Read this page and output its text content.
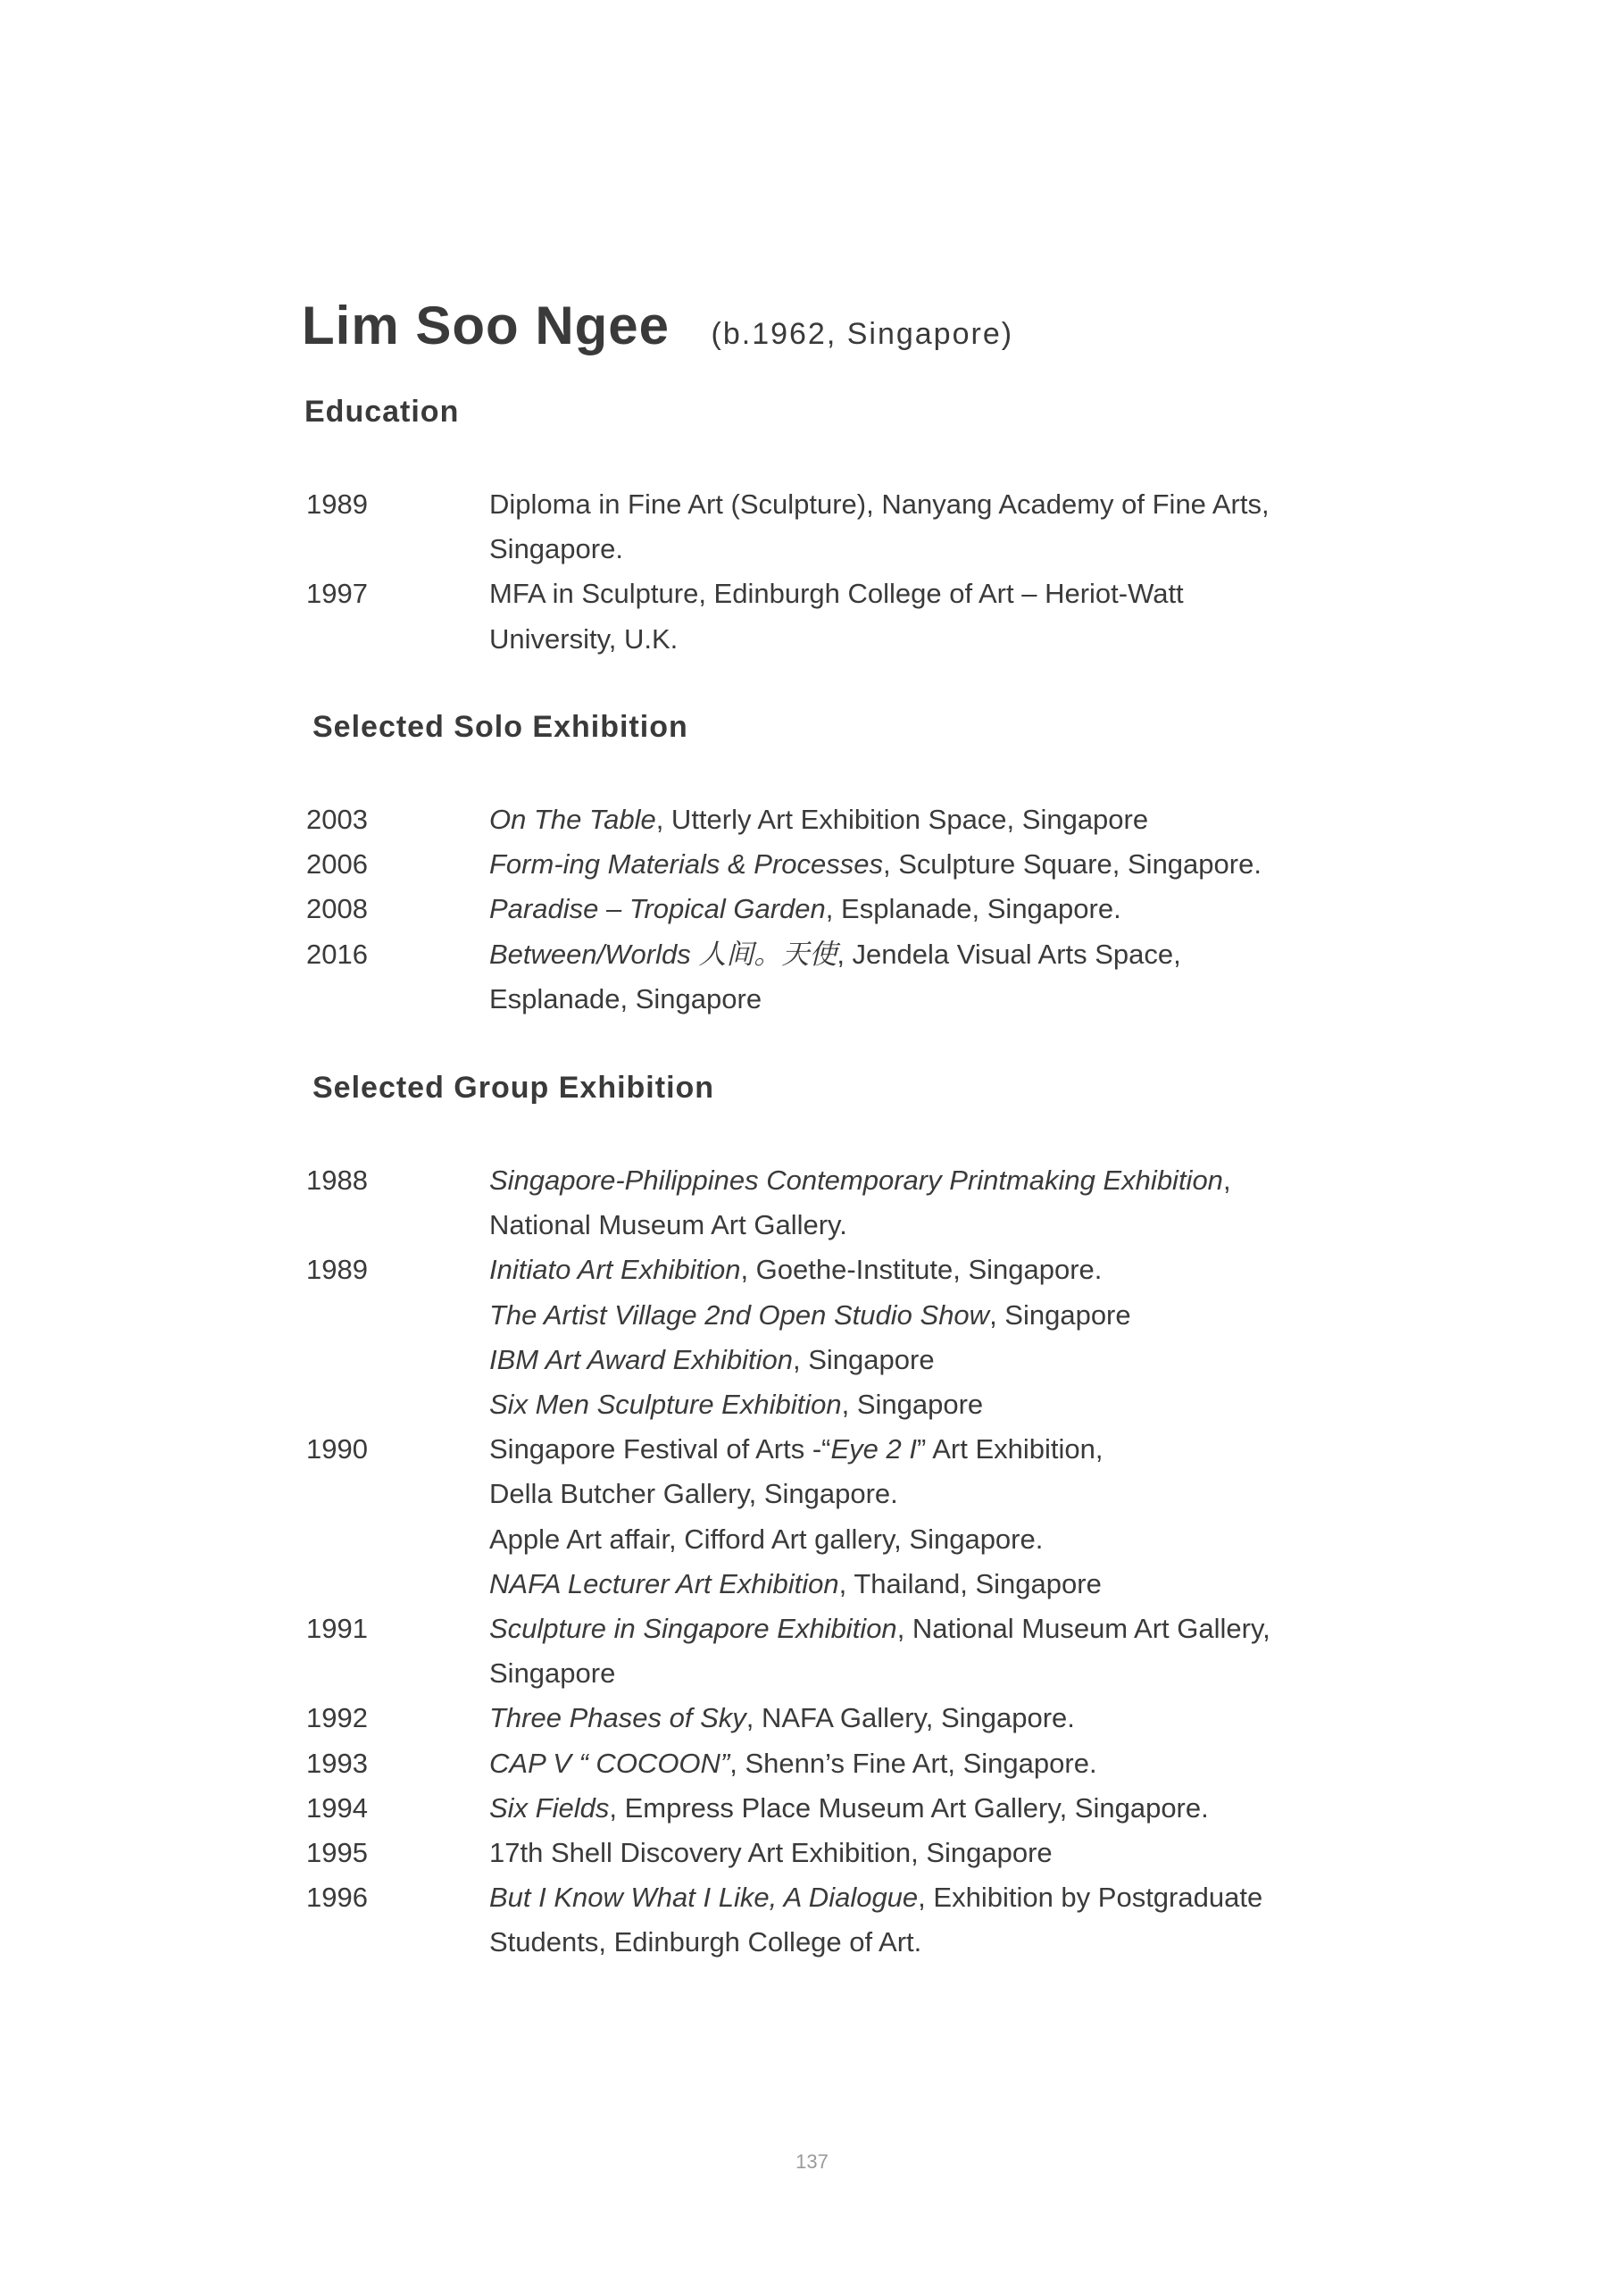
Lim Soo Ngee (b.1962, Singapore)
Education
1989	Diploma in Fine Art (Sculpture), Nanyang Academy of Fine Arts,
Singapore.
1997	MFA in Sculpture, Edinburgh College of Art – Heriot-Watt
University, U.K.
Selected Solo Exhibition
2003	On The Table, Utterly Art Exhibition Space, Singapore
2006	Form-ing Materials & Processes, Sculpture Square, Singapore.
2008	Paradise – Tropical Garden, Esplanade, Singapore.
2016	Between/Worlds 人间。天使, Jendela Visual Arts Space,
Esplanade, Singapore
Selected Group Exhibition
1988	Singapore-Philippines Contemporary Printmaking Exhibition,
National Museum Art Gallery.
1989	Initiato Art Exhibition, Goethe-Institute, Singapore.
The Artist Village 2nd Open Studio Show, Singapore
IBM Art Award Exhibition, Singapore
Six Men Sculpture Exhibition, Singapore
1990	Singapore Festival of Arts -“Eye 2 I” Art Exhibition,
Della Butcher Gallery, Singapore.
Apple Art affair, Cifford Art gallery, Singapore.
NAFA Lecturer Art Exhibition, Thailand, Singapore
1991	Sculpture in Singapore Exhibition, National Museum Art Gallery,
Singapore
1992	Three Phases of Sky, NAFA Gallery, Singapore.
1993	CAP V “ COCOON”, Shenn’s Fine Art, Singapore.
1994	Six Fields, Empress Place Museum Art Gallery, Singapore.
1995	17th Shell Discovery Art Exhibition, Singapore
1996	But I Know What I Like, A Dialogue, Exhibition by Postgraduate
Students, Edinburgh College of Art.
137
